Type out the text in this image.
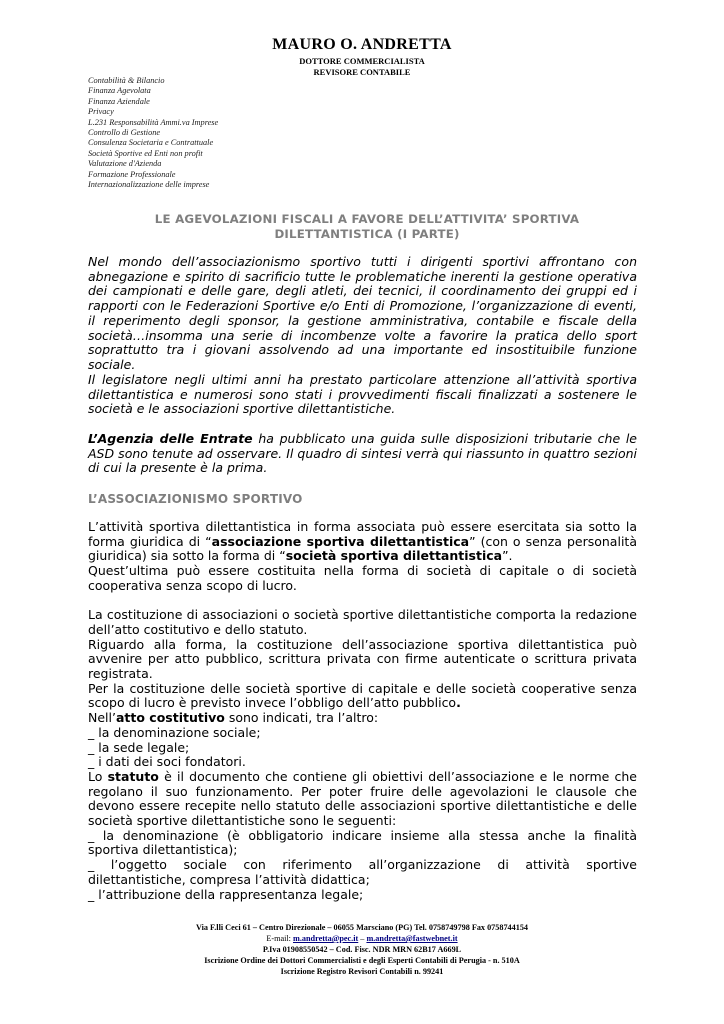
MAURO O. ANDRETTA
DOTTORE COMMERCIALISTA
REVISORE CONTABILE
Contabilità & Bilancio
Finanza Agevolata
Finanza Aziendale
Privacy
L.231 Responsabilità Ammi.va Imprese
Controllo di Gestione
Consulenza Societaria e Contrattuale
Società Sportive ed Enti non profit
Valutazione d'Azienda
Formazione Professionale
Internazionalizzazione delle imprese
LE AGEVOLAZIONI FISCALI A FAVORE DELL’ATTIVITA’ SPORTIVA
DILETTANTISTICA (I PARTE)

Nel mondo dell’associazionismo sportivo tutti i dirigenti sportivi affrontano con abnegazione e spirito di sacrificio tutte le problematiche inerenti la gestione operativa dei campionati e delle gare, degli atleti, dei tecnici, il coordinamento dei gruppi ed i rapporti con le Federazioni Sportive e/o Enti di Promozione, l’organizzazione di eventi, il reperimento degli sponsor, la gestione amministrativa, contabile e fiscale della società…insomma una serie di incombenze volte a favorire la pratica dello sport soprattutto tra i giovani assolvendo ad una importante ed insostituibile funzione sociale.

Il legislatore negli ultimi anni ha prestato particolare attenzione all’attività sportiva dilettantistica e numerosi sono stati i provvedimenti fiscali finalizzati a sostenere le società e le associazioni sportive dilettantistiche.

L’Agenzia delle Entrate ha pubblicato una guida sulle disposizioni tributarie che le ASD sono tenute ad osservare. Il quadro di sintesi verrà qui riassunto in quattro sezioni di cui la presente è la prima.

L’ASSOCIAZIONISMO SPORTIVO

L’attività sportiva dilettantistica in forma associata può essere esercitata sia sotto la forma giuridica di “associazione sportiva dilettantistica” (con o senza personalità giuridica) sia sotto la forma di “società sportiva dilettantistica”.

Quest’ultima può essere costituita nella forma di società di capitale o di società cooperativa senza scopo di lucro.

La costituzione di associazioni o società sportive dilettantistiche comporta la redazione dell’atto costitutivo e dello statuto.

Riguardo alla forma, la costituzione dell’associazione sportiva dilettantistica può avvenire per atto pubblico, scrittura privata con firme autenticate o scrittura privata registrata.

Per la costituzione delle società sportive di capitale e delle società cooperative senza scopo di lucro è previsto invece l’obbligo dell’atto pubblico.

Nell’atto costitutivo sono indicati, tra l’altro:

_ la denominazione sociale;

_ la sede legale;

_ i dati dei soci fondatori.

Lo statuto è il documento che contiene gli obiettivi dell’associazione e le norme che regolano il suo funzionamento. Per poter fruire delle agevolazioni le clausole che devono essere recepite nello statuto delle associazioni sportive dilettantistiche e delle società sportive dilettantistiche sono le seguenti:

_ la denominazione (è obbligatorio indicare insieme alla stessa anche la finalità sportiva dilettantistica);

_ l’oggetto sociale con riferimento all’organizzazione di attività sportive dilettantistiche, compresa l’attività didattica;

_ l’attribuzione della rappresentanza legale;

Via F.lli Ceci 61 – Centro Direzionale – 06055 Marsciano (PG) Tel. 0758749798 Fax 0758744154
E-mail: m.andretta@pec.it – m.andretta@fastwebnet.it
P.Iva 01908550542 – Cod. Fisc. NDR MRN 62B17 A669L
Iscrizione Ordine dei Dottori Commercialisti e degli Esperti Contabili di Perugia - n. 510A
Iscrizione Registro Revisori Contabili n. 99241
